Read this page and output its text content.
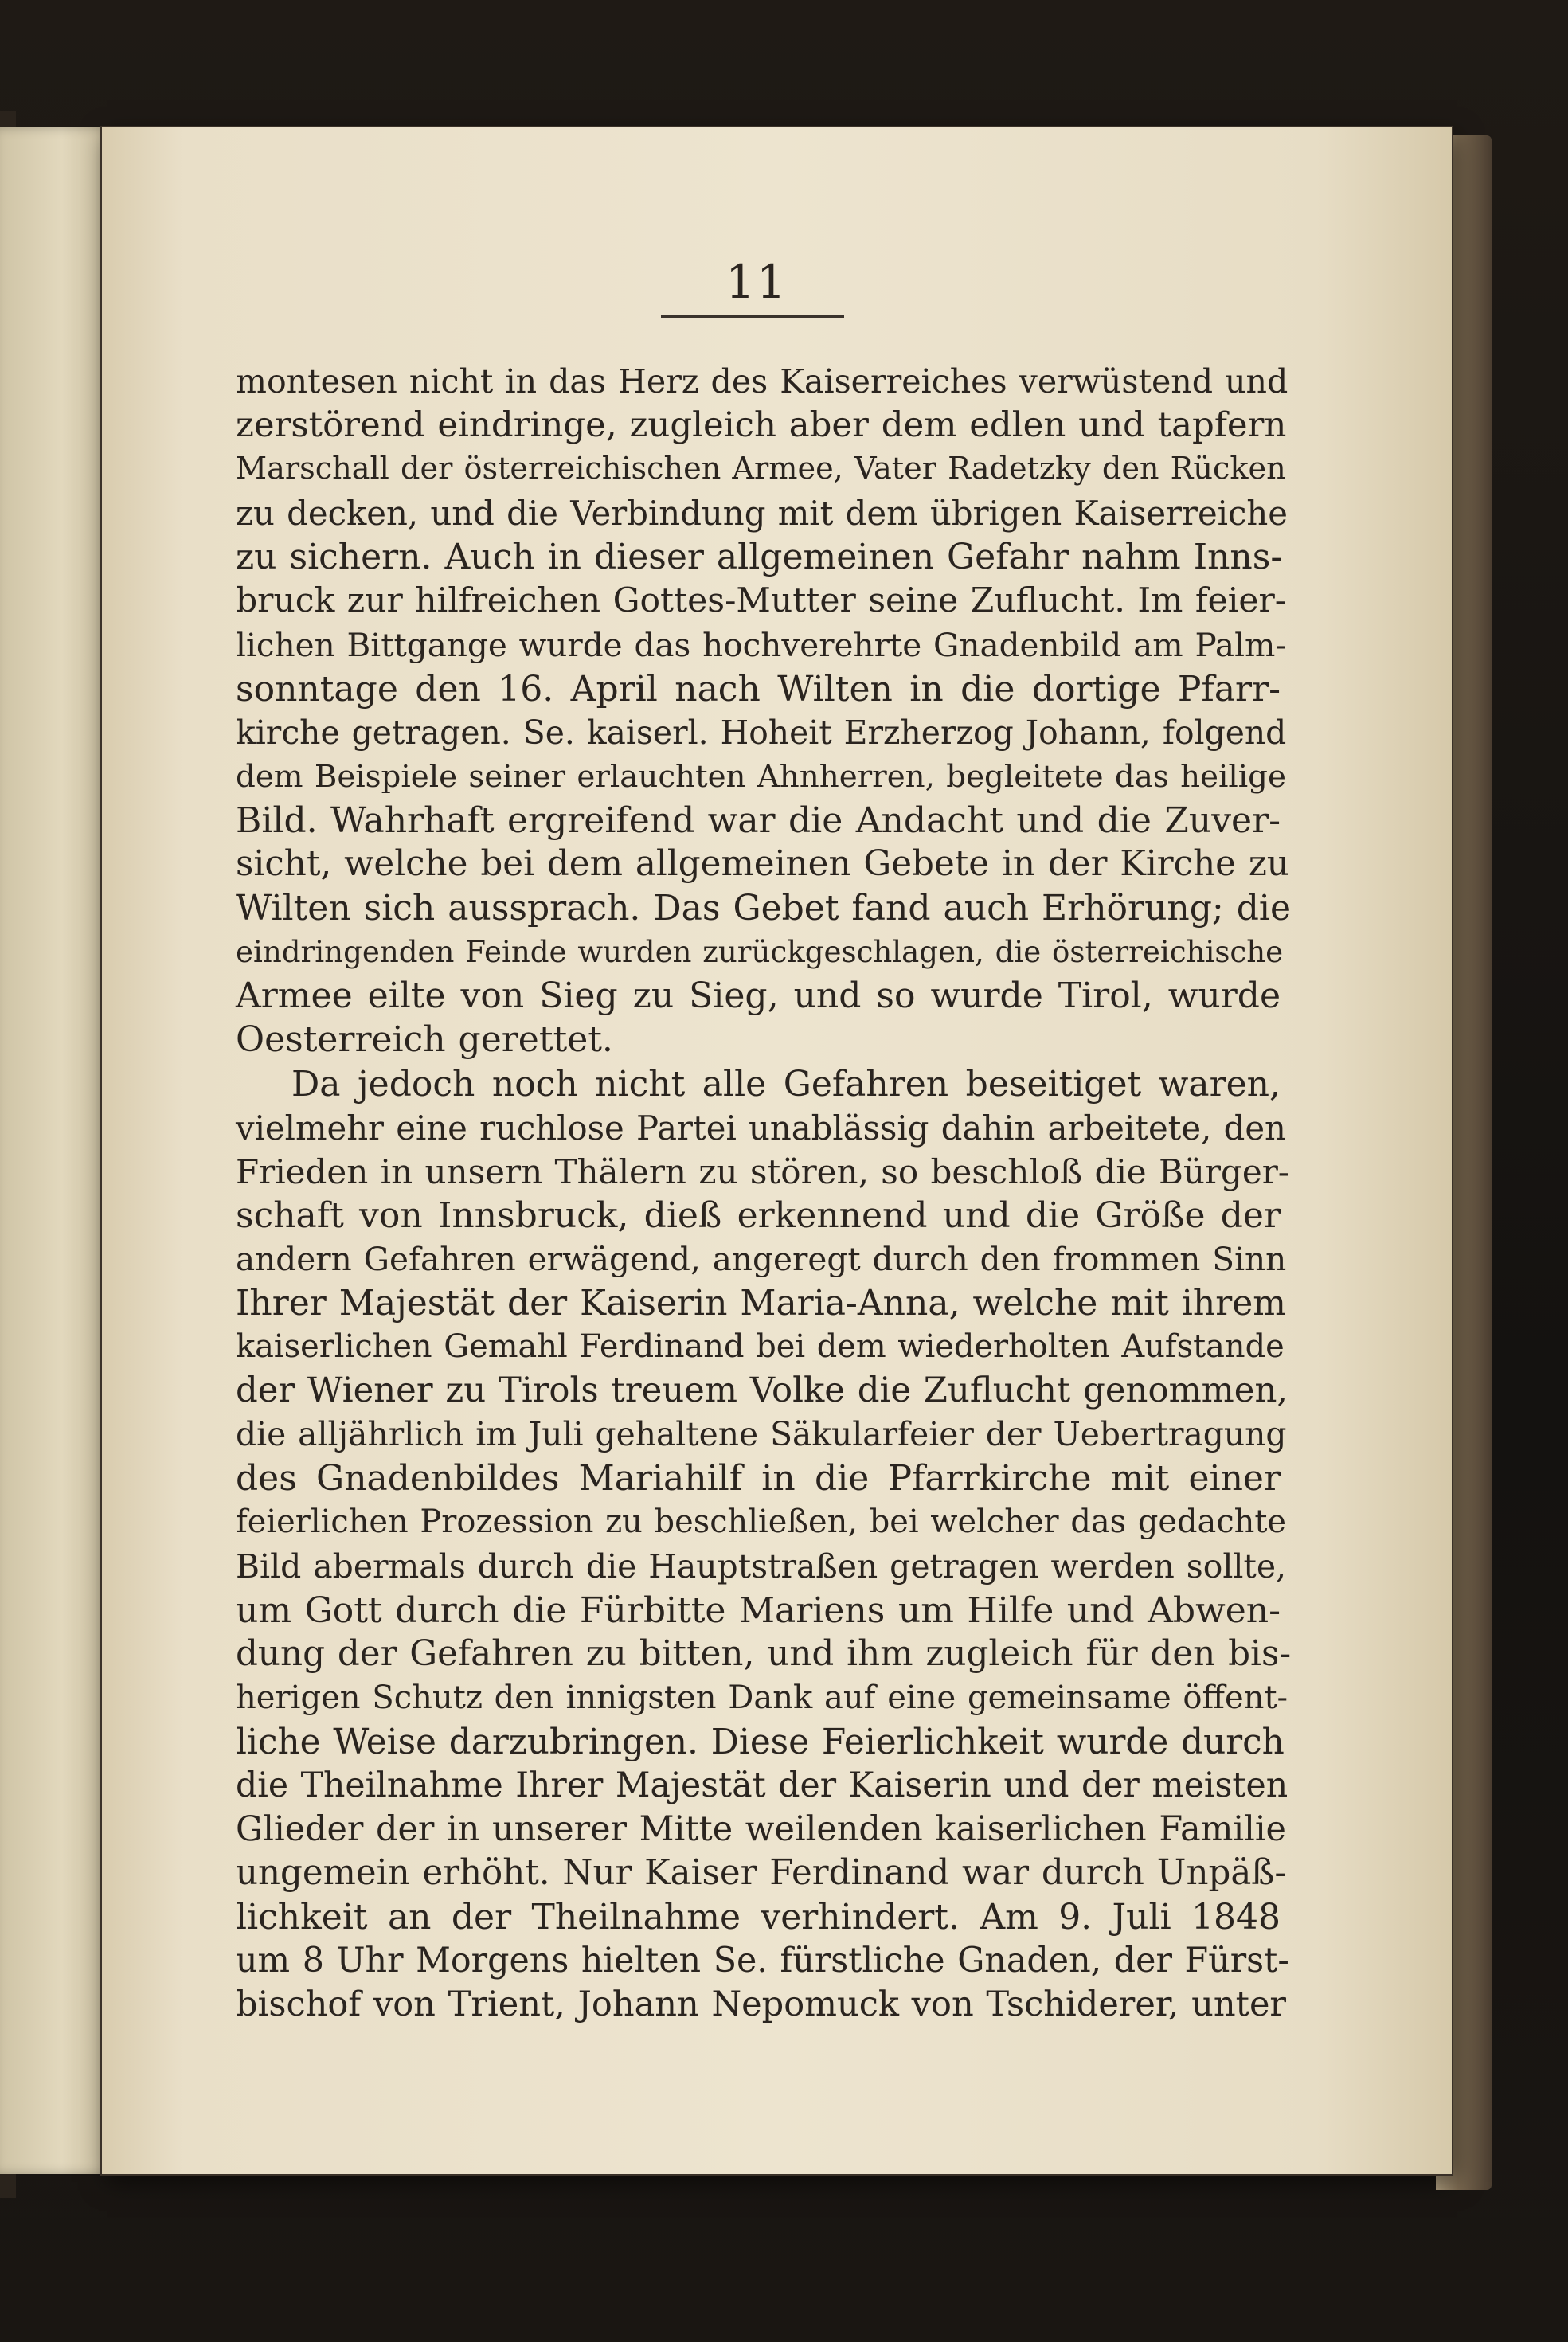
11
montesen nicht in das Herz des Kaiserreiches verwüstend und
zerstörend eindringe, zugleich aber dem edlen und tapfern
Marschall der österreichischen Armee, Vater Radetzky den Rücken
zu decken, und die Verbindung mit dem übrigen Kaiserreiche
zu sichern. Auch in dieser allgemeinen Gefahr nahm Inns-
bruck zur hilfreichen Gottes-Mutter seine Zuflucht. Im feier-
lichen Bittgange wurde das hochverehrte Gnadenbild am Palm-
sonntage den 16. April nach Wilten in die dortige Pfarr-
kirche getragen. Se. kaiserl. Hoheit Erzherzog Johann, folgend
dem Beispiele seiner erlauchten Ahnherren, begleitete das heilige
Bild. Wahrhaft ergreifend war die Andacht und die Zuver-
sicht, welche bei dem allgemeinen Gebete in der Kirche zu
Wilten sich aussprach. Das Gebet fand auch Erhörung; die
eindringenden Feinde wurden zurückgeschlagen, die österreichische
Armee eilte von Sieg zu Sieg, und so wurde Tirol, wurde
Oesterreich gerettet.
Da jedoch noch nicht alle Gefahren beseitiget waren,
vielmehr eine ruchlose Partei unablässig dahin arbeitete, den
Frieden in unsern Thälern zu stören, so beschloß die Bürger-
schaft von Innsbruck, dieß erkennend und die Größe der
andern Gefahren erwägend, angeregt durch den frommen Sinn
Ihrer Majestät der Kaiserin Maria-Anna, welche mit ihrem
kaiserlichen Gemahl Ferdinand bei dem wiederholten Aufstande
der Wiener zu Tirols treuem Volke die Zuflucht genommen,
die alljährlich im Juli gehaltene Säkularfeier der Uebertragung
des Gnadenbildes Mariahilf in die Pfarrkirche mit einer
feierlichen Prozession zu beschließen, bei welcher das gedachte
Bild abermals durch die Hauptstraßen getragen werden sollte,
um Gott durch die Fürbitte Mariens um Hilfe und Abwen-
dung der Gefahren zu bitten, und ihm zugleich für den bis-
herigen Schutz den innigsten Dank auf eine gemeinsame öffent-
liche Weise darzubringen. Diese Feierlichkeit wurde durch
die Theilnahme Ihrer Majestät der Kaiserin und der meisten
Glieder der in unserer Mitte weilenden kaiserlichen Familie
ungemein erhöht. Nur Kaiser Ferdinand war durch Unpäß-
lichkeit an der Theilnahme verhindert. Am 9. Juli 1848
um 8 Uhr Morgens hielten Se. fürstliche Gnaden, der Fürst-
bischof von Trient, Johann Nepomuck von Tschiderer, unter
